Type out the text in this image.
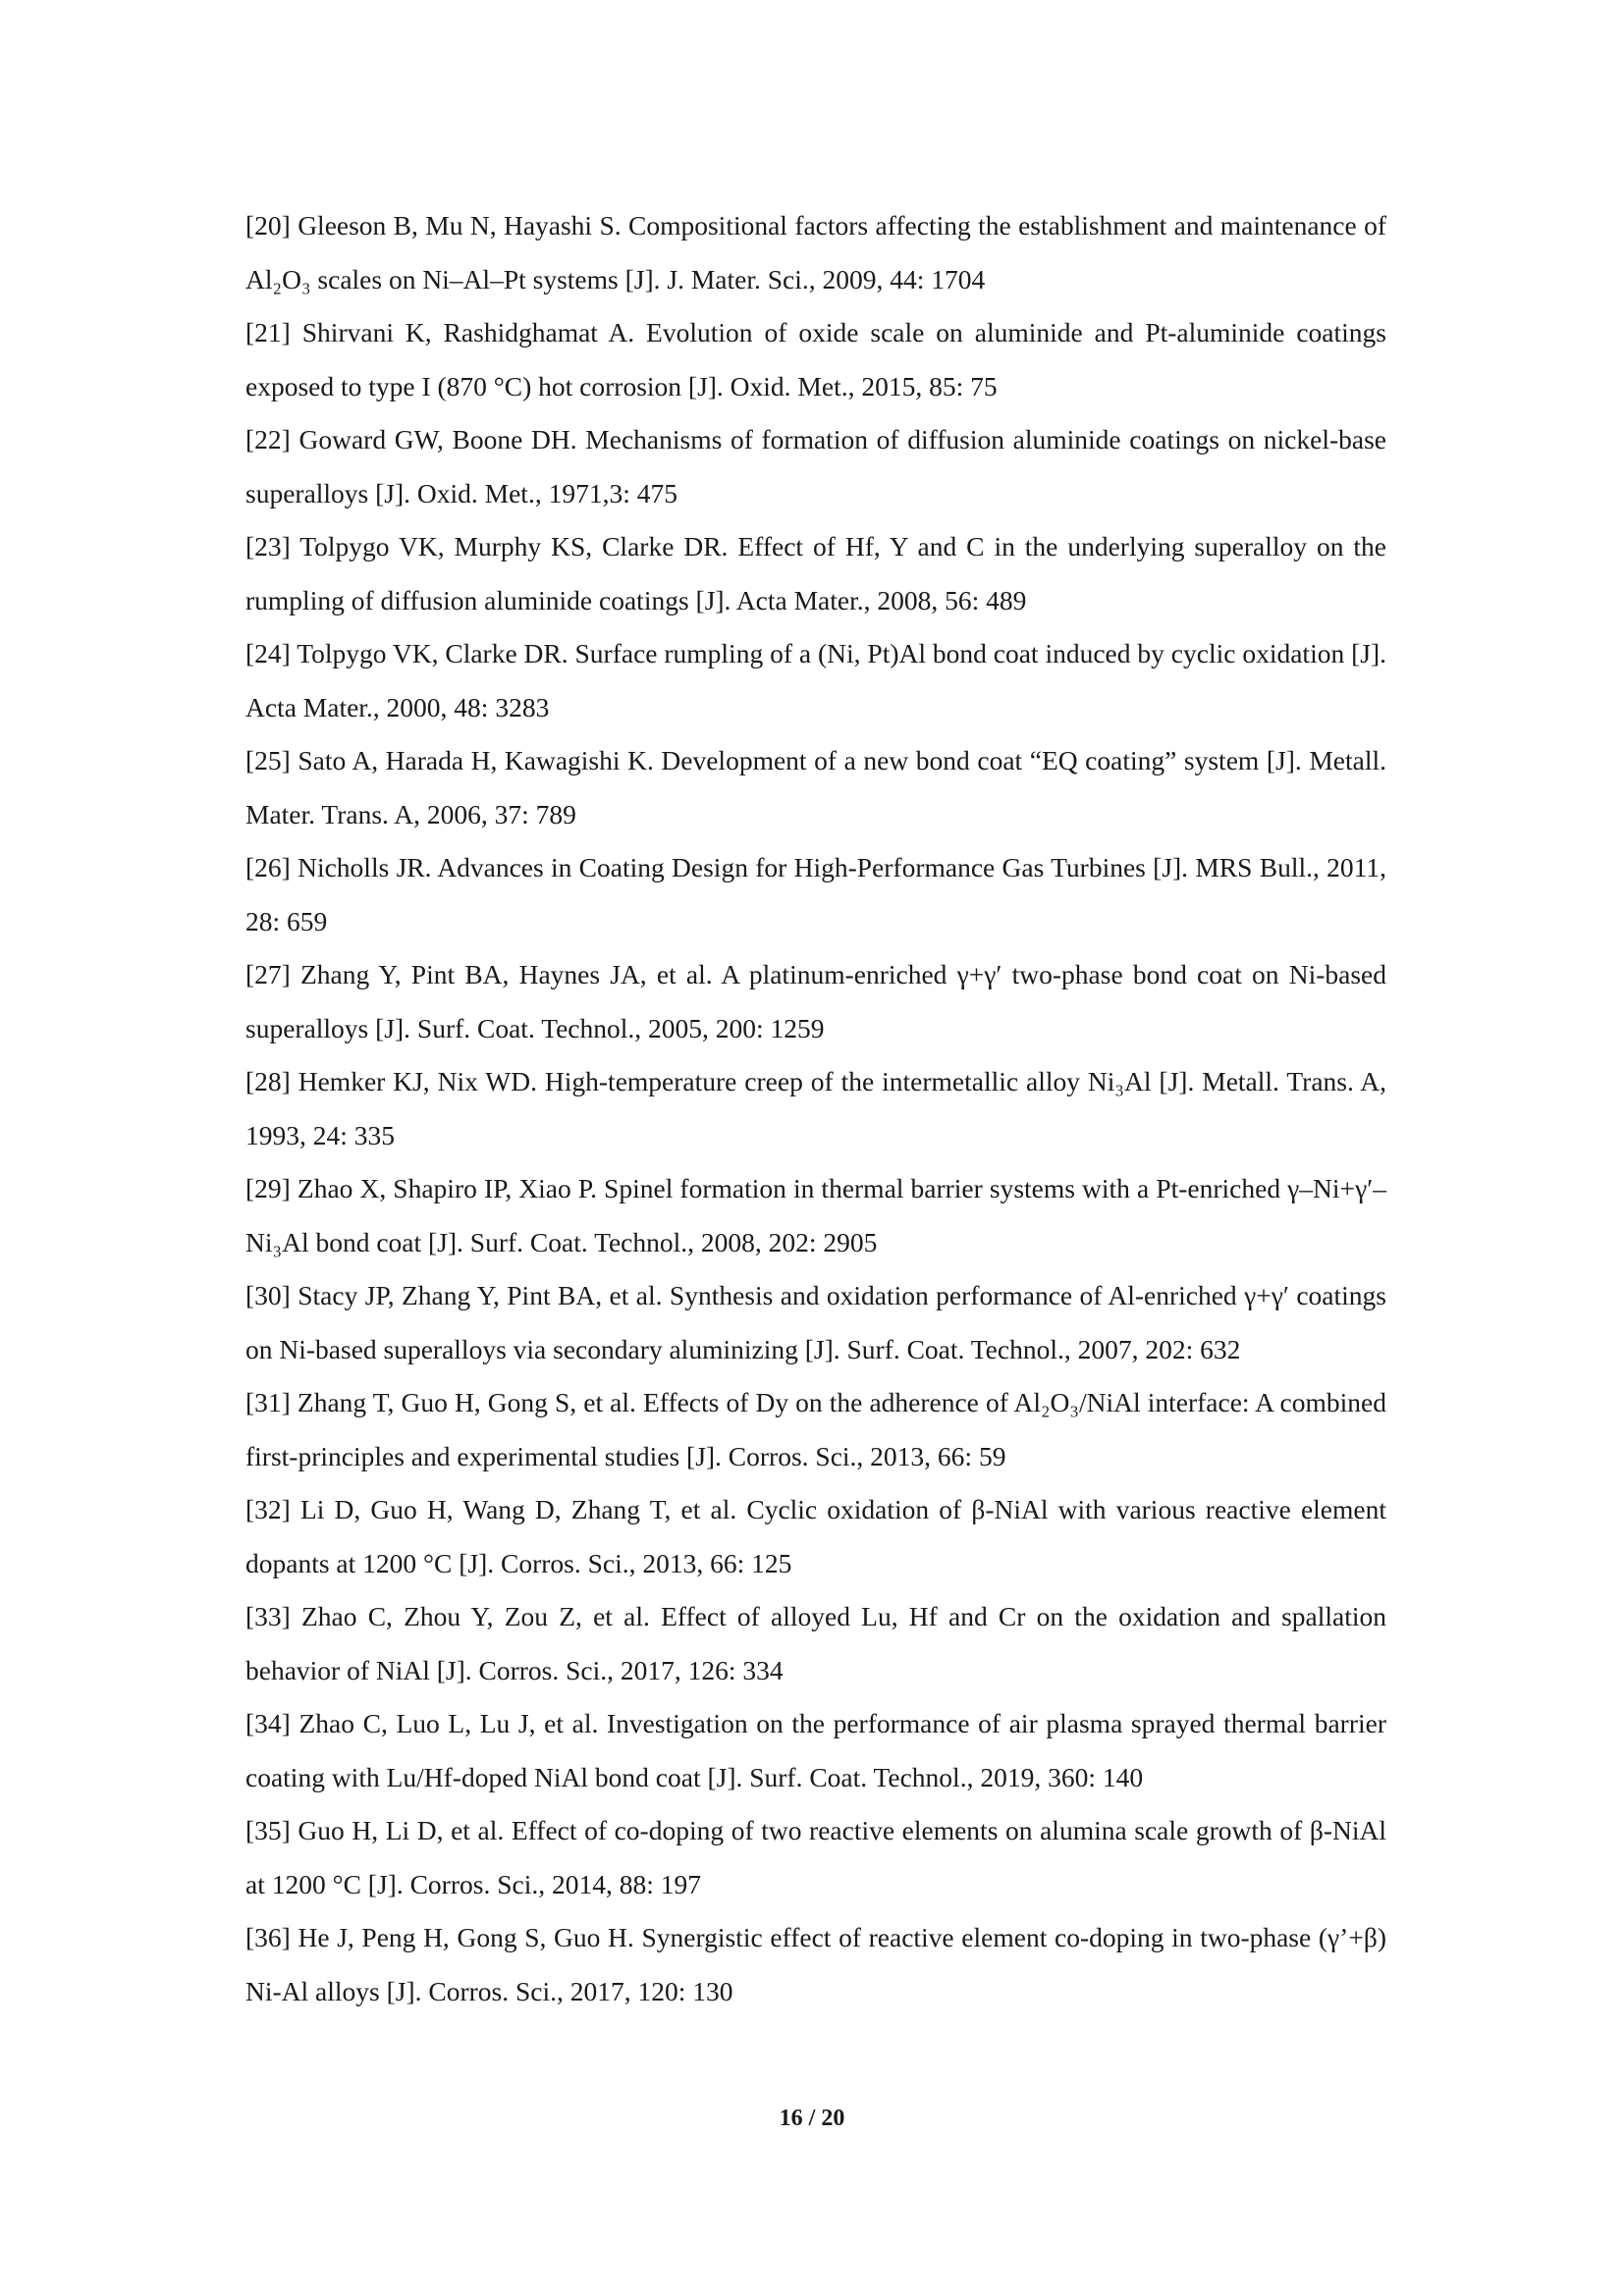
[20] Gleeson B, Mu N, Hayashi S. Compositional factors affecting the establishment and maintenance of Al₂O₃ scales on Ni–Al–Pt systems [J]. J. Mater. Sci., 2009, 44: 1704
[21] Shirvani K, Rashidghamat A. Evolution of oxide scale on aluminide and Pt-aluminide coatings exposed to type I (870 °C) hot corrosion [J]. Oxid. Met., 2015, 85: 75
[22] Goward GW, Boone DH. Mechanisms of formation of diffusion aluminide coatings on nickel-base superalloys [J]. Oxid. Met., 1971,3: 475
[23] Tolpygo VK, Murphy KS, Clarke DR. Effect of Hf, Y and C in the underlying superalloy on the rumpling of diffusion aluminide coatings [J]. Acta Mater., 2008, 56: 489
[24] Tolpygo VK, Clarke DR. Surface rumpling of a (Ni, Pt)Al bond coat induced by cyclic oxidation [J]. Acta Mater., 2000, 48: 3283
[25] Sato A, Harada H, Kawagishi K. Development of a new bond coat “EQ coating” system [J]. Metall. Mater. Trans. A, 2006, 37: 789
[26] Nicholls JR. Advances in Coating Design for High-Performance Gas Turbines [J]. MRS Bull., 2011, 28: 659
[27] Zhang Y, Pint BA, Haynes JA, et al. A platinum-enriched γ+γ′ two-phase bond coat on Ni-based superalloys [J]. Surf. Coat. Technol., 2005, 200: 1259
[28] Hemker KJ, Nix WD. High-temperature creep of the intermetallic alloy Ni₃Al [J]. Metall. Trans. A, 1993, 24: 335
[29] Zhao X, Shapiro IP, Xiao P. Spinel formation in thermal barrier systems with a Pt-enriched γ–Ni+γ′–Ni₃Al bond coat [J]. Surf. Coat. Technol., 2008, 202: 2905
[30] Stacy JP, Zhang Y, Pint BA, et al. Synthesis and oxidation performance of Al-enriched γ+γ′ coatings on Ni-based superalloys via secondary aluminizing [J]. Surf. Coat. Technol., 2007, 202: 632
[31] Zhang T, Guo H, Gong S, et al. Effects of Dy on the adherence of Al₂O₃/NiAl interface: A combined first-principles and experimental studies [J]. Corros. Sci., 2013, 66: 59
[32] Li D, Guo H, Wang D, Zhang T, et al. Cyclic oxidation of β-NiAl with various reactive element dopants at 1200 °C [J]. Corros. Sci., 2013, 66: 125
[33] Zhao C, Zhou Y, Zou Z, et al. Effect of alloyed Lu, Hf and Cr on the oxidation and spallation behavior of NiAl [J]. Corros. Sci., 2017, 126: 334
[34] Zhao C, Luo L, Lu J, et al. Investigation on the performance of air plasma sprayed thermal barrier coating with Lu/Hf-doped NiAl bond coat [J]. Surf. Coat. Technol., 2019, 360: 140
[35] Guo H, Li D, et al. Effect of co-doping of two reactive elements on alumina scale growth of β-NiAl at 1200 °C [J]. Corros. Sci., 2014, 88: 197
[36] He J, Peng H, Gong S, Guo H. Synergistic effect of reactive element co-doping in two-phase (γ’+β) Ni-Al alloys [J]. Corros. Sci., 2017, 120: 130
16 / 20
